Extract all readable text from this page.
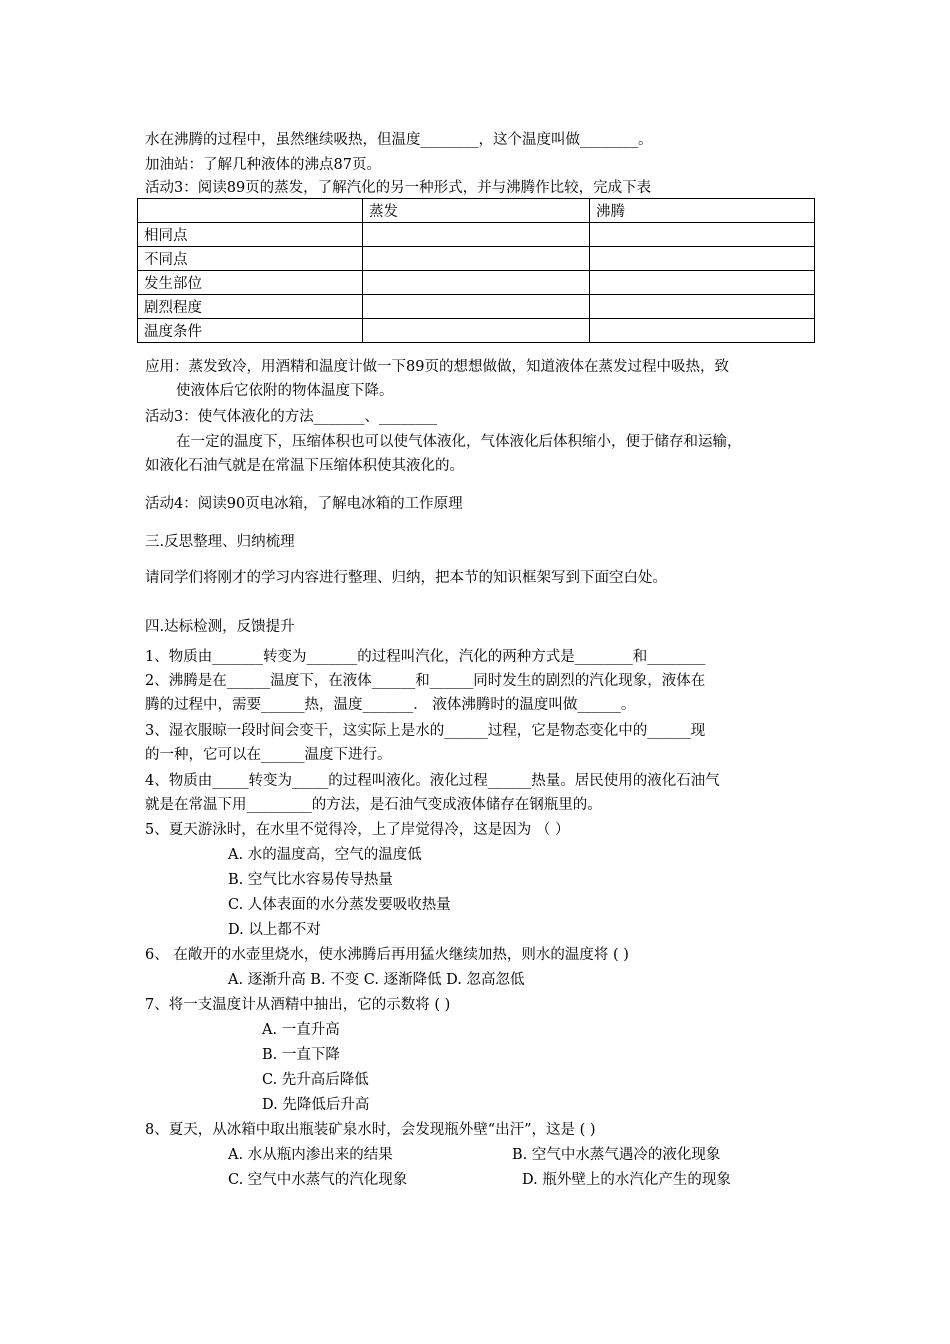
水在沸腾的过程中，虽然继续吸热，但温度________，这个温度叫做________。
加油站：了解几种液体的沸点87页。
活动3：阅读89页的蒸发，了解汽化的另一种形式，并与沸腾作比较，完成下表
	蒸发	沸腾
相同点		
不同点		
发生部位		
剧烈程度		
温度条件		
应用：蒸发致冷，用酒精和温度计做一下89页的想想做做，知道液体在蒸发过程中吸热，致
使液体后它依附的物体温度下降。
活动3：使气体液化的方法_______、________
在一定的温度下，压缩体积也可以使气体液化，气体液化后体积缩小，便于储存和运输，
如液化石油气就是在常温下压缩体积使其液化的。
活动4：阅读90页电冰箱，了解电冰箱的工作原理
三.反思整理、归纳梳理
请同学们将刚才的学习内容进行整理、归纳，把本节的知识框架写到下面空白处。
四.达标检测，反馈提升
1、物质由_______转变为_______的过程叫汽化，汽化的两种方式是________和________
2、沸腾是在______温度下，在液体______和______同时发生的剧烈的汽化现象，液体在
腾的过程中，需要______热，温度_______． 液体沸腾时的温度叫做______。
3、湿衣服晾一段时间会变干，这实际上是水的______过程，它是物态变化中的______现
的一种，它可以在______温度下进行。
4、物质由_____转变为_____的过程叫液化。液化过程______热量。居民使用的液化石油气
就是在常温下用_________的方法，是石油气变成液体储存在钢瓶里的。
5、夏天游泳时，在水里不觉得冷，上了岸觉得冷，这是因为 （ ）
A. 水的温度高，空气的温度低
B. 空气比水容易传导热量
C. 人体表面的水分蒸发要吸收热量
D. 以上都不对
6、 在敞开的水壶里烧水，使水沸腾后再用猛火继续加热，则水的温度将 ( )
A. 逐渐升高 B. 不变 C. 逐渐降低 D. 忽高忽低
7、将一支温度计从酒精中抽出，它的示数将 ( )
A. 一直升高
B. 一直下降
C. 先升高后降低
D. 先降低后升高
8、夏天，从冰箱中取出瓶装矿泉水时，会发现瓶外壁“出汗”，这是 ( )
A. 水从瓶内渗出来的结果	B. 空气中水蒸气遇冷的液化现象
C. 空气中水蒸气的汽化现象	D. 瓶外壁上的水汽化产生的现象
